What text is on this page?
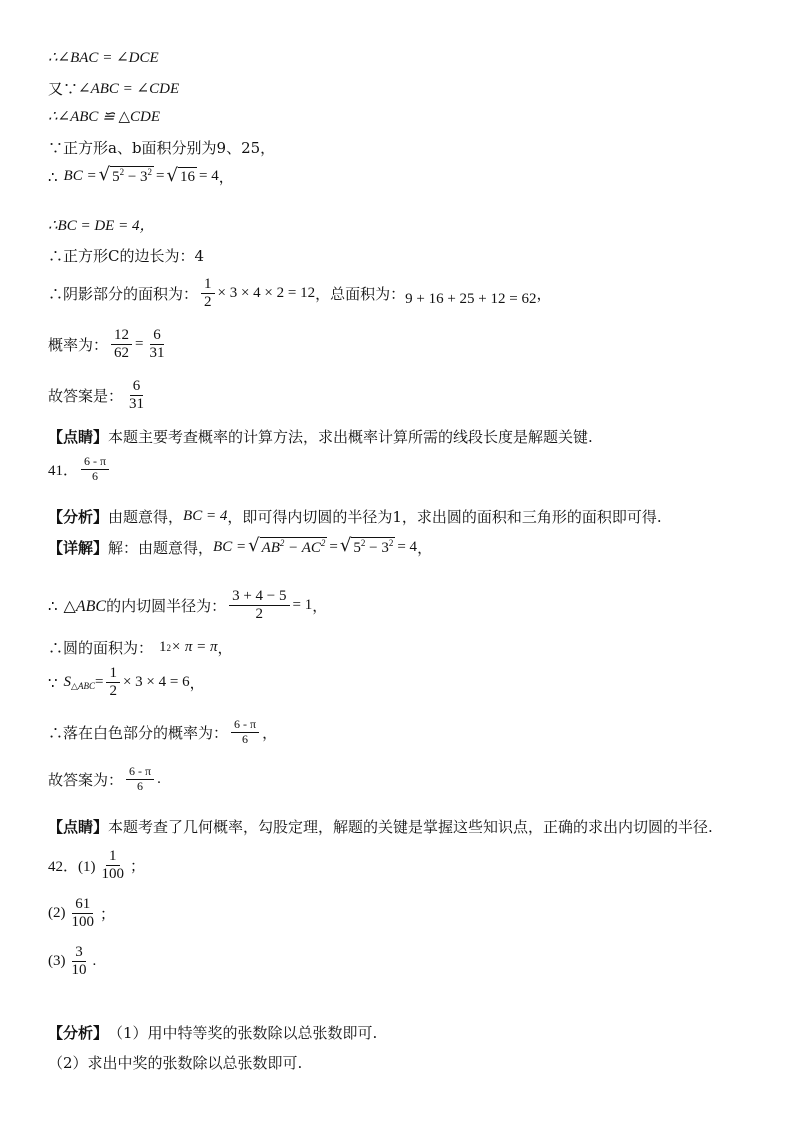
∴∠BAC = ∠DCE
又∵ ∠ABC = ∠CDE
∴∠ABC ≌ △CDE
∵正方形a、b面积分别为9、25，
∴ BC = √ $5^2 - 3^2$ = √ 16 = 4 ，
∴BC = DE = 4，
∴正方形C的边长为：4
∴阴影部分的面积为： $\frac{1}{2} \times 3 \times 4 \times 2 = 12$ ，总面积为： 9 + 16 + 25 + 12 = 62 ，
概率为： $\frac{12}{62} = \frac{6}{31}$
故答案是： $\frac{6}{31}$
【点睛】 本题主要考查概率的计算方法，求出概率计算所需的线段长度是解题关键.
41． $\frac{6 - \pi}{6}$
【分析】 由题意得， BC = 4 ，即可得内切圆的半径为1，求出圆的面积和三角形的面积即可得.
【详解】 解：由题意得， BC = √ $AB^2 - AC^2$ = √ $5^2 - 3^2 = 4$ ，
∴ △ABC 的内切圆半径为： $\frac{3 + 4 - 5}{2} = 1$ ，
∴圆的面积为： 1 2 × π = π ，
∵ S △ABC = $\frac{1}{2} \times 3 \times 4 = 6$ ，
∴落在白色部分的概率为： $\frac{6 - \pi}{6}$ ，
故答案为： $\frac{6 - \pi}{6}$ .
【点睛】 本题考查了几何概率，勾股定理，解题的关键是掌握这些知识点，正确的求出内切圆的半径.
42．$(1) \frac{1}{100}$ ；
$(2) \frac{61}{100}$ ；
$(3) \frac{3}{10}$ .
【分析】 （1）用中特等奖的张数除以总张数即可.
（2）求出中奖的张数除以总张数即可.
